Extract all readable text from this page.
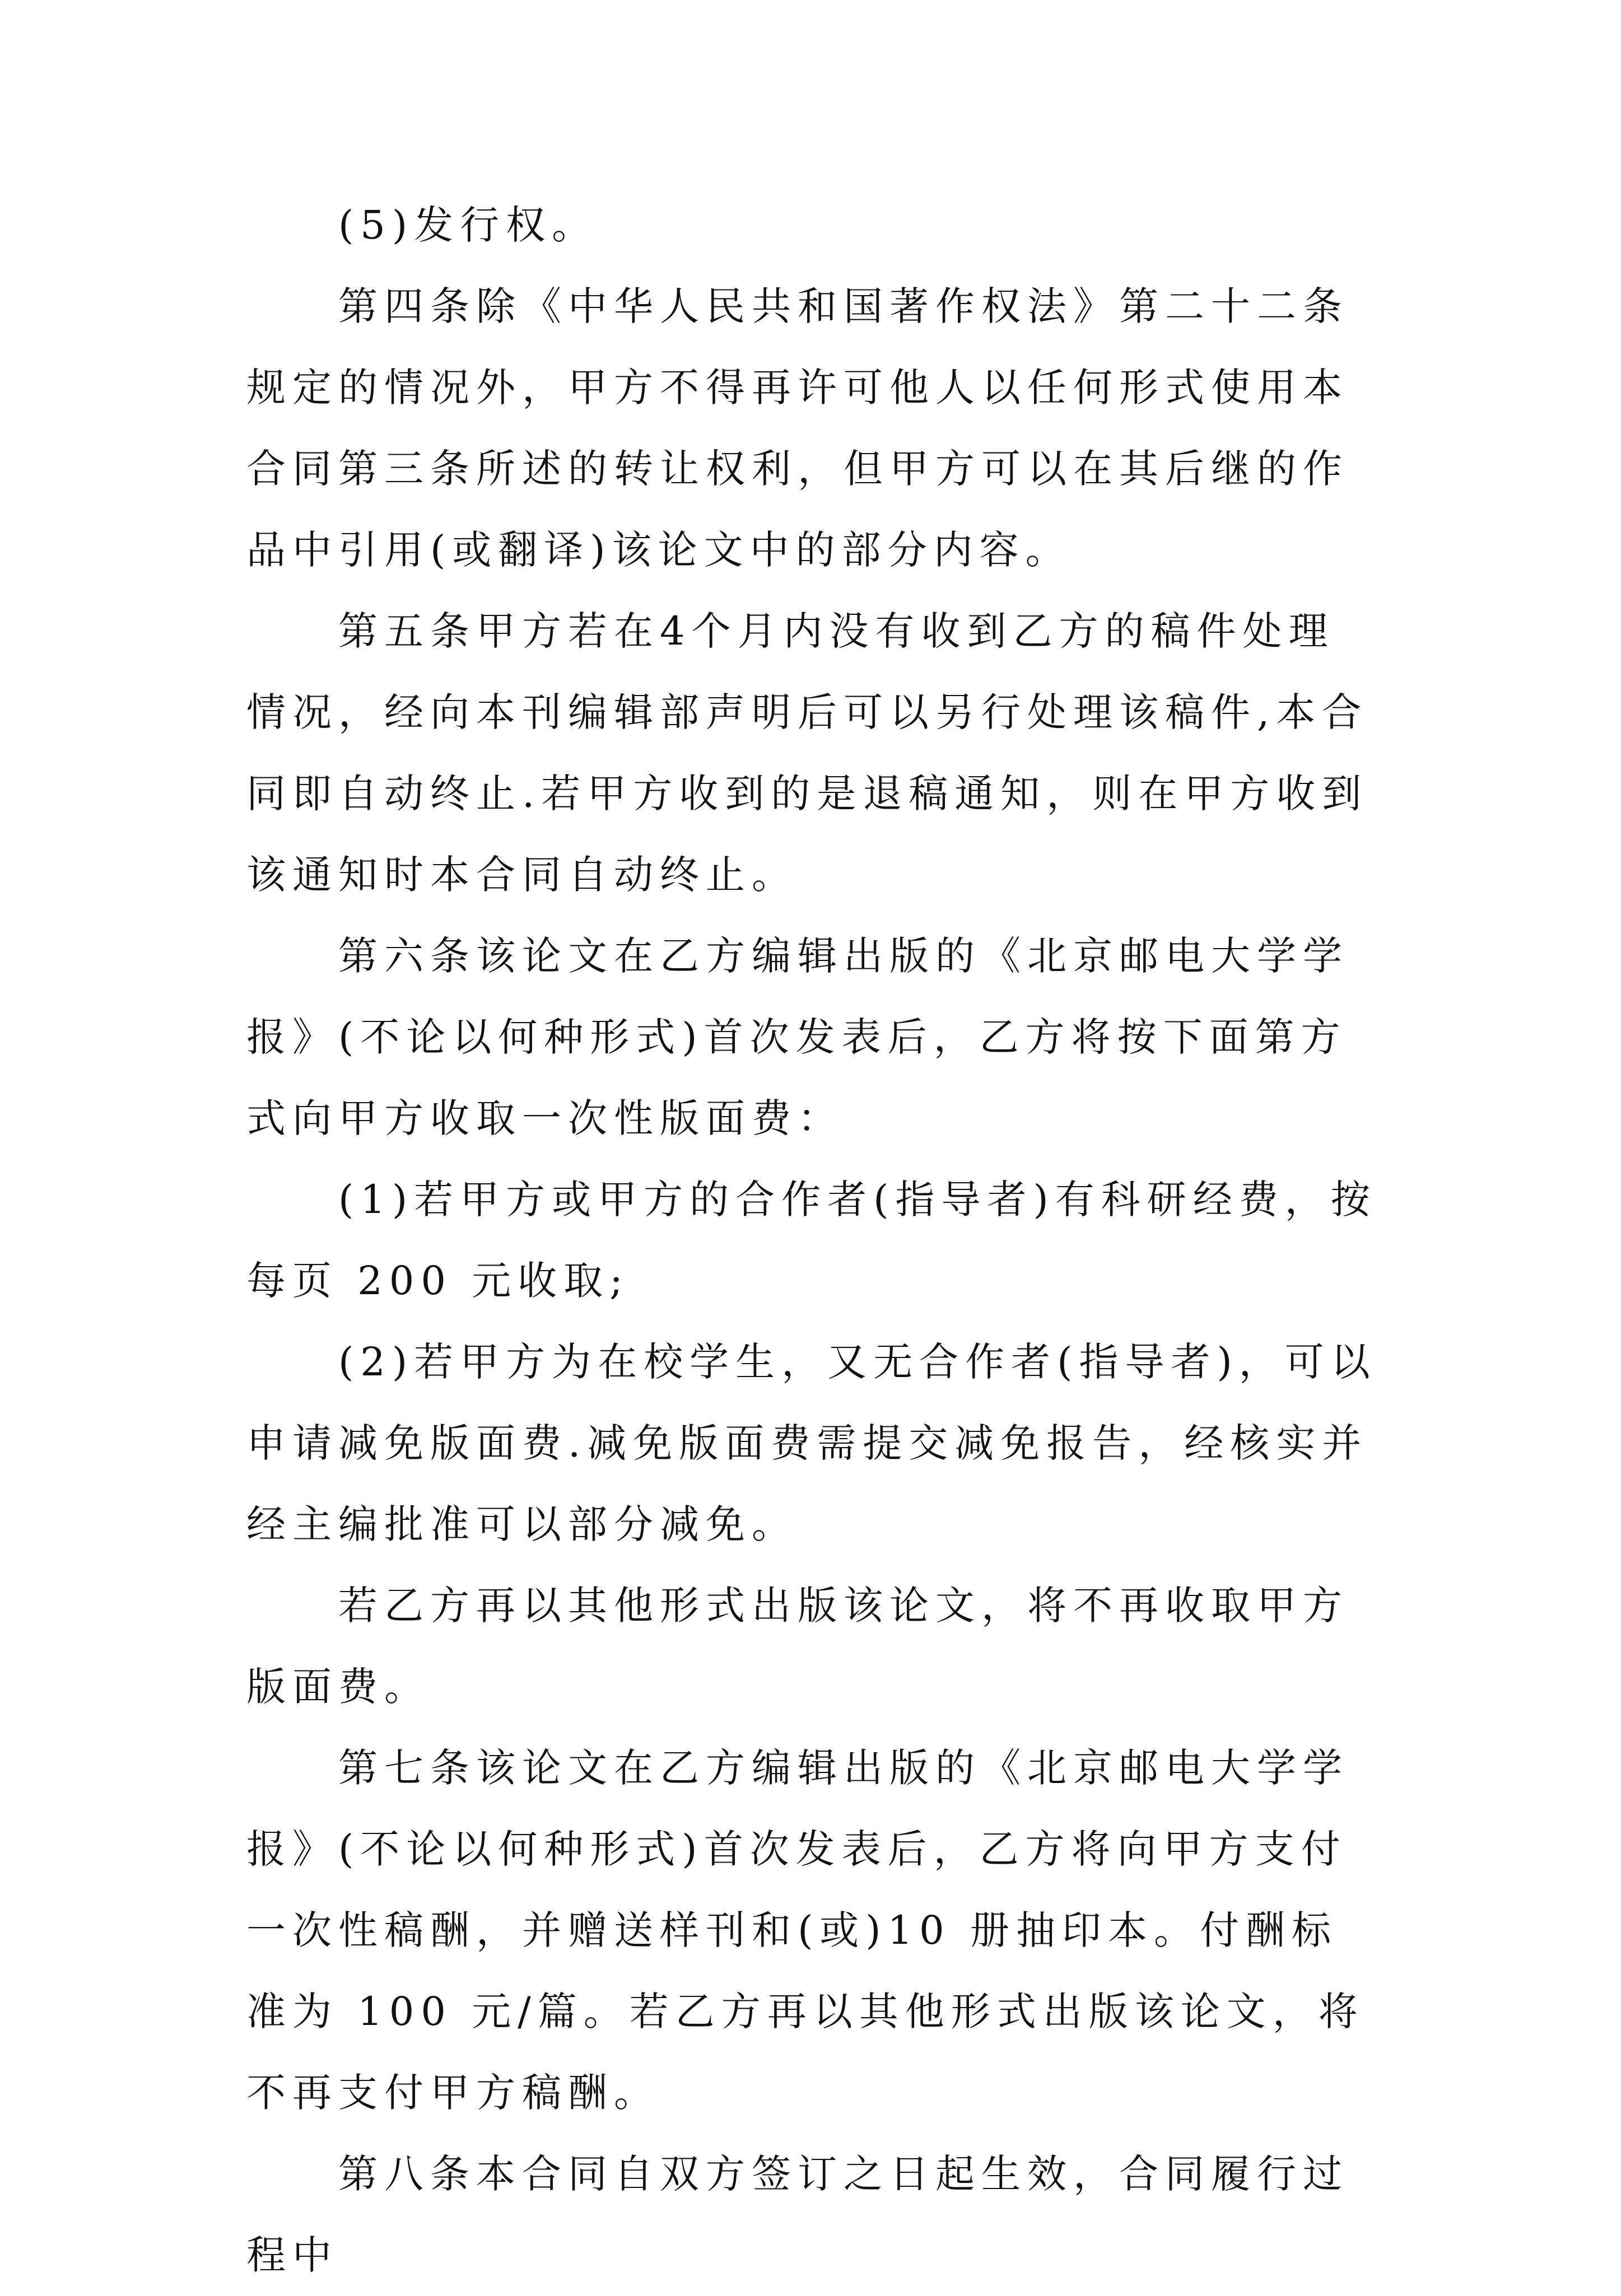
(5)发行权。

第四条除《中华人民共和国著作权法》第二十二条规定的情况外，甲方不得再许可他人以任何形式使用本合同第三条所述的转让权利，但甲方可以在其后继的作品中引用(或翻译)该论文中的部分内容。

第五条甲方若在4个月内没有收到乙方的稿件处理情况，经向本刊编辑部声明后可以另行处理该稿件,本合同即自动终止.若甲方收到的是退稿通知，则在甲方收到该通知时本合同自动终止。

第六条该论文在乙方编辑出版的《北京邮电大学学报》(不论以何种形式)首次发表后，乙方将按下面第方式向甲方收取一次性版面费：

(1)若甲方或甲方的合作者(指导者)有科研经费，按每页 200 元收取;

(2)若甲方为在校学生，又无合作者(指导者)，可以申请减免版面费.减免版面费需提交减免报告，经核实并经主编批准可以部分减免。

若乙方再以其他形式出版该论文，将不再收取甲方版面费。

第七条该论文在乙方编辑出版的《北京邮电大学学报》(不论以何种形式)首次发表后，乙方将向甲方支付一次性稿酬，并赠送样刊和(或)10 册抽印本。付酬标准为 100 元/篇。若乙方再以其他形式出版该论文，将不再支付甲方稿酬。

第八条本合同自双方签订之日起生效，合同履行过程中
